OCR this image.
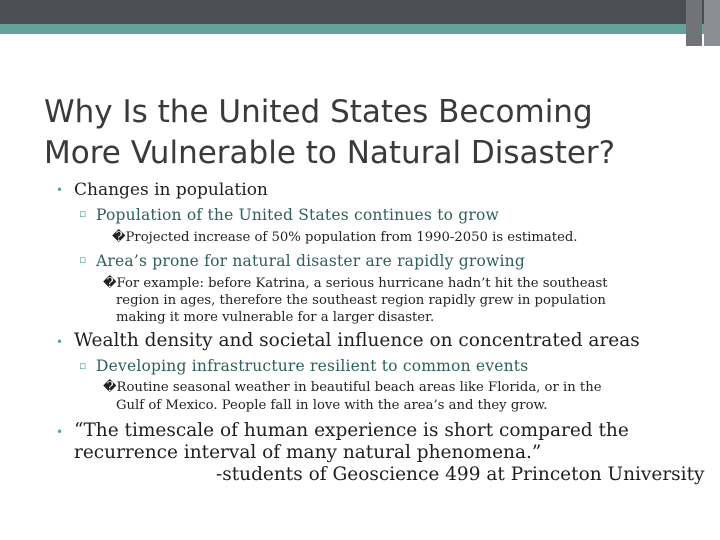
Why Is the United States Becoming
More Vulnerable to Natural Disaster?
• Changes in population
▫ Population of the United States continues to grow
�Projected increase of 50% population from 1990-2050 is estimated.
▫ Area’s prone for natural disaster are rapidly growing
�For example: before Katrina, a serious hurricane hadn’t hit the southeast
region in ages, therefore the southeast region rapidly grew in population
making it more vulnerable for a larger disaster.
• Wealth density and societal influence on concentrated areas
▫ Developing infrastructure resilient to common events
�Routine seasonal weather in beautiful beach areas like Florida, or in the
Gulf of Mexico. People fall in love with the area’s and they grow.
• “The timescale of human experience is short compared the
recurrence interval of many natural phenomena.”
-students of Geoscience 499 at Princeton University
